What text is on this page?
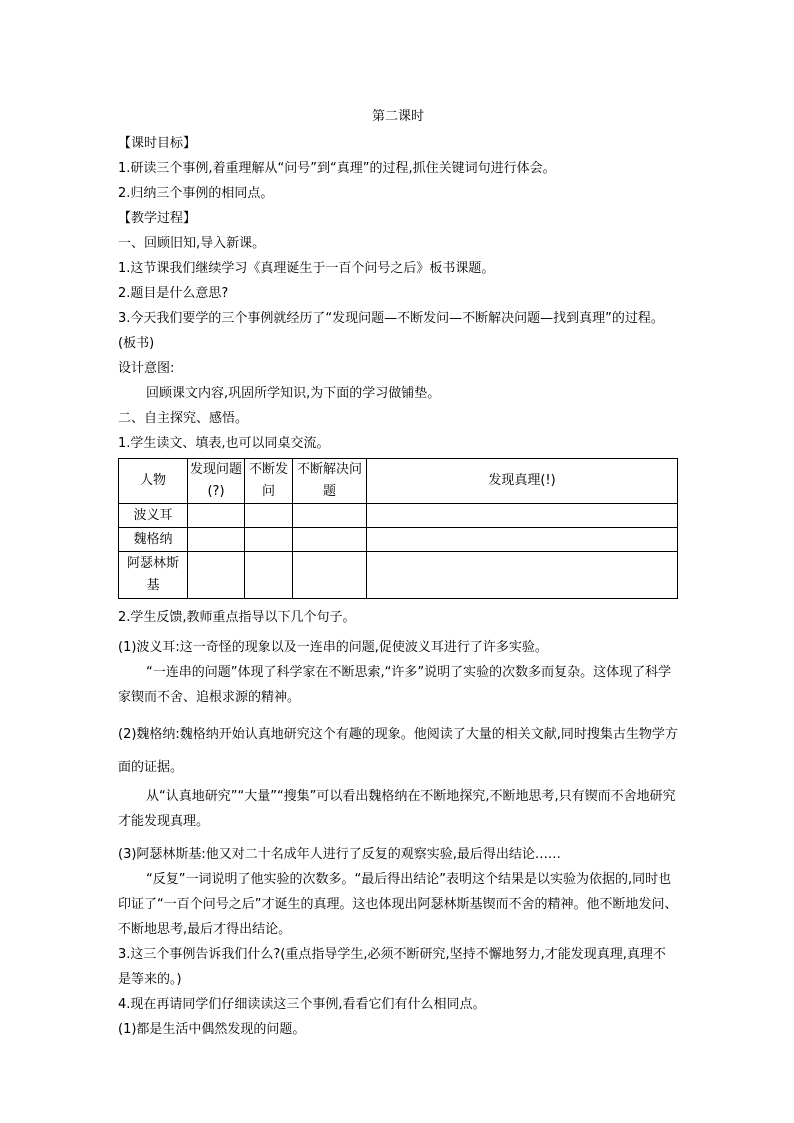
第二课时

【课时目标】

1.研读三个事例,着重理解从“问号”到“真理”的过程,抓住关键词句进行体会。

2.归纳三个事例的相同点。

【教学过程】

一、回顾旧知,导入新课。

1.这节课我们继续学习《真理诞生于一百个问号之后》板书课题。

2.题目是什么意思?

3.今天我们要学的三个事例就经历了“发现问题—不断发问—不断解决问题—找到真理”的过程。(板书)

设计意图:

回顾课文内容,巩固所学知识,为下面的学习做铺垫。

二、自主探究、感悟。

1.学生读文、填表,也可以同桌交流。

人物	发现问题(?)	不断发问	不断解决问题	发现真理(!)
波义耳				
魏格纳				
阿瑟林斯基				

2.学生反馈,教师重点指导以下几个句子。

(1)波义耳:这一奇怪的现象以及一连串的问题,促使波义耳进行了许多实验。

“一连串的问题”体现了科学家在不断思索,“许多”说明了实验的次数多而复杂。这体现了科学家锲而不舍、追根求源的精神。

(2)魏格纳:魏格纳开始认真地研究这个有趣的现象。他阅读了大量的相关文献,同时搜集古生物学方面的证据。

从“认真地研究”“大量”“搜集”可以看出魏格纳在不断地探究,不断地思考,只有锲而不舍地研究才能发现真理。

(3)阿瑟林斯基:他又对二十名成年人进行了反复的观察实验,最后得出结论……

“反复”一词说明了他实验的次数多。“最后得出结论”表明这个结果是以实验为依据的,同时也印证了“一百个问号之后”才诞生的真理。这也体现出阿瑟林斯基锲而不舍的精神。他不断地发问、不断地思考,最后才得出结论。

3.这三个事例告诉我们什么?(重点指导学生,必须不断研究,坚持不懈地努力,才能发现真理,真理不是等来的。)

4.现在再请同学们仔细读读这三个事例,看看它们有什么相同点。

(1)都是生活中偶然发现的问题。
